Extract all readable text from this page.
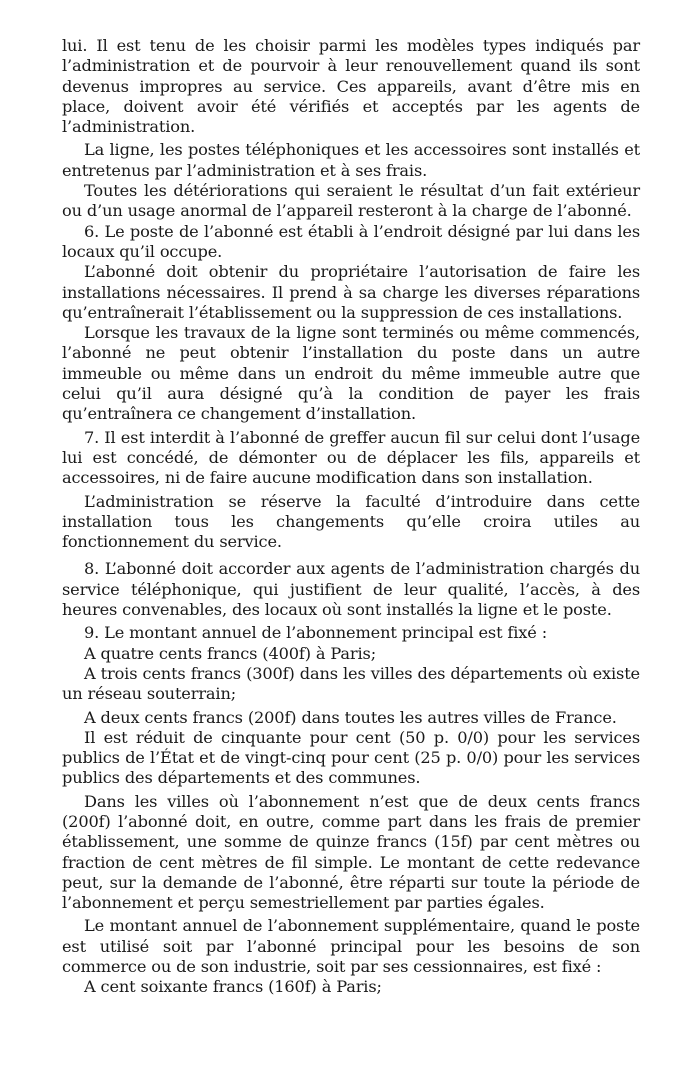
lui. Il est tenu de les choisir parmi les modèles types indiqués par l’administration et de pourvoir à leur renouvellement quand ils sont devenus impropres au service. Ces appareils, avant d’être mis en place, doivent avoir été vérifiés et acceptés par les agents de l’administration.

La ligne, les postes téléphoniques et les accessoires sont installés et entretenus par l’administration et à ses frais.

Toutes les détériorations qui seraient le résultat d’un fait extérieur ou d’un usage anormal de l’appareil resteront à la charge de l’abonné.

6. Le poste de l’abonné est établi à l’endroit désigné par lui dans les locaux qu’il occupe.

L’abonné doit obtenir du propriétaire l’autorisation de faire les installations nécessaires. Il prend à sa charge les diverses réparations qu’entraînerait l’établissement ou la suppression de ces installations.

Lorsque les travaux de la ligne sont terminés ou même commencés, l’abonné ne peut obtenir l’installation du poste dans un autre immeuble ou même dans un endroit du même immeuble autre que celui qu’il aura désigné qu’à la condition de payer les frais qu’entraînera ce changement d’installation.

7. Il est interdit à l’abonné de greffer aucun fil sur celui dont l’usage lui est concédé, de démonter ou de déplacer les fils, appareils et accessoires, ni de faire aucune modification dans son installation.

L’administration se réserve la faculté d’introduire dans cette installation tous les changements qu’elle croira utiles au fonctionnement du service.

8. L’abonné doit accorder aux agents de l’administration chargés du service téléphonique, qui justifient de leur qualité, l’accès, à des heures convenables, des locaux où sont installés la ligne et le poste.

9. Le montant annuel de l’abonnement principal est fixé :

A quatre cents francs (400f) à Paris;

A trois cents francs (300f) dans les villes des départements où existe un réseau souterrain;

A deux cents francs (200f) dans toutes les autres villes de France.

Il est réduit de cinquante pour cent (50 p. 0/0) pour les services publics de l’État et de vingt-cinq pour cent (25 p. 0/0) pour les services publics des départements et des communes.

Dans les villes où l’abonnement n’est que de deux cents francs (200f) l’abonné doit, en outre, comme part dans les frais de premier établissement, une somme de quinze francs (15f) par cent mètres ou fraction de cent mètres de fil simple. Le montant de cette redevance peut, sur la demande de l’abonné, être réparti sur toute la période de l’abonnement et perçu semestriellement par parties égales.

Le montant annuel de l’abonnement supplémentaire, quand le poste est utilisé soit par l’abonné principal pour les besoins de son commerce ou de son industrie, soit par ses cessionnaires, est fixé :

A cent soixante francs (160f) à Paris;
